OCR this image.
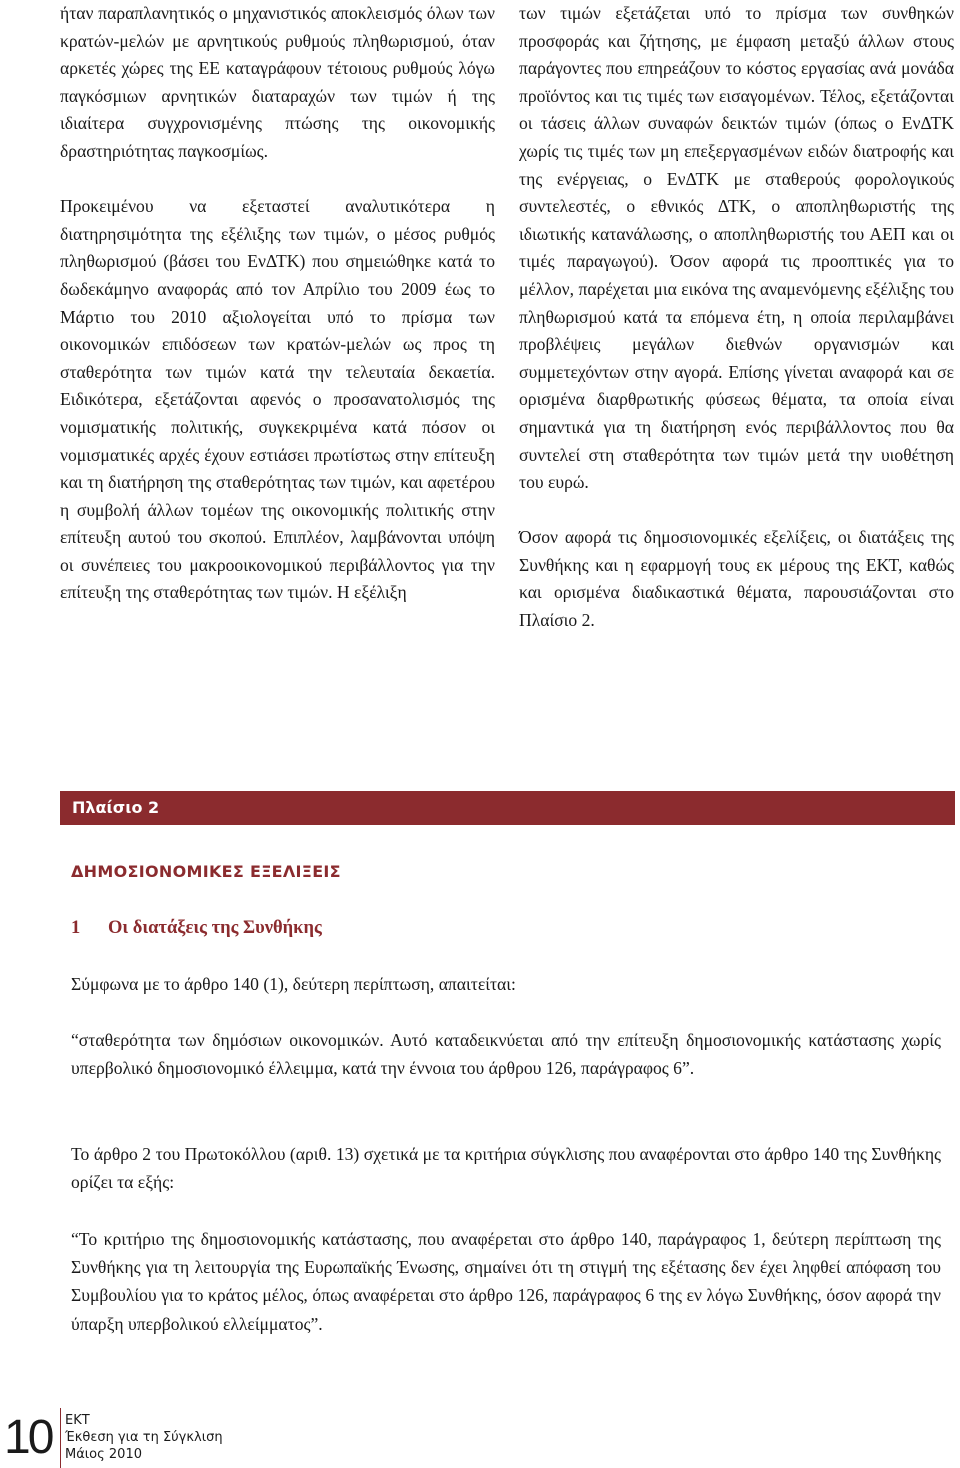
ήταν παραπλανητικός ο μηχανιστικός αποκλεισμός όλων των κρατών-μελών με αρνητικούς ρυθμούς πληθωρισμού, όταν αρκετές χώρες της ΕΕ καταγράφουν τέτοιους ρυθμούς λόγω παγκόσμιων αρνητικών διαταραχών των τιμών ή της ιδιαίτερα συγχρονισμένης πτώσης της οικονομικής δραστηριότητας παγκοσμίως.

Προκειμένου να εξεταστεί αναλυτικότερα η διατηρησιμότητα της εξέλιξης των τιμών, ο μέσος ρυθμός πληθωρισμού (βάσει του ΕνΔΤΚ) που σημειώθηκε κατά το δωδεκάμηνο αναφοράς από τον Απρίλιο του 2009 έως το Μάρτιο του 2010 αξιολογείται υπό το πρίσμα των οικονομικών επιδόσεων των κρατών-μελών ως προς τη σταθερότητα των τιμών κατά την τελευταία δεκαετία. Ειδικότερα, εξετάζονται αφενός ο προσανατολισμός της νομισματικής πολιτικής, συγκεκριμένα κατά πόσον οι νομισματικές αρχές έχουν εστιάσει πρωτίστως στην επίτευξη και τη διατήρηση της σταθερότητας των τιμών, και αφετέρου η συμβολή άλλων τομέων της οικονομικής πολιτικής στην επίτευξη αυτού του σκοπού. Επιπλέον, λαμβάνονται υπόψη οι συνέπειες του μακροοικονομικού περιβάλλοντος για την επίτευξη της σταθερότητας των τιμών. Η εξέλιξη

των τιμών εξετάζεται υπό το πρίσμα των συνθηκών προσφοράς και ζήτησης, με έμφαση μεταξύ άλλων στους παράγοντες που επηρεάζουν το κόστος εργασίας ανά μονάδα προϊόντος και τις τιμές των εισαγομένων. Τέλος, εξετάζονται οι τάσεις άλλων συναφών δεικτών τιμών (όπως ο ΕνΔΤΚ χωρίς τις τιμές των μη επεξεργασμένων ειδών διατροφής και της ενέργειας, ο ΕνΔΤΚ με σταθερούς φορολογικούς συντελεστές, ο εθνικός ΔΤΚ, ο αποπληθωριστής της ιδιωτικής κατανάλωσης, ο αποπληθωριστής του ΑΕΠ και οι τιμές παραγωγού). Όσον αφορά τις προοπτικές για το μέλλον, παρέχεται μια εικόνα της αναμενόμενης εξέλιξης του πληθωρισμού κατά τα επόμενα έτη, η οποία περιλαμβάνει προβλέψεις μεγάλων διεθνών οργανισμών και συμμετεχόντων στην αγορά. Επίσης γίνεται αναφορά και σε ορισμένα διαρθρωτικής φύσεως θέματα, τα οποία είναι σημαντικά για τη διατήρηση ενός περιβάλλοντος που θα συντελεί στη σταθερότητα των τιμών μετά την υιοθέτηση του ευρώ.

Όσον αφορά τις δημοσιονομικές εξελίξεις, οι διατάξεις της Συνθήκης και η εφαρμογή τους εκ μέρους της ΕΚΤ, καθώς και ορισμένα διαδικαστικά θέματα, παρουσιάζονται στο Πλαίσιο 2.

Πλαίσιο 2
ΔΗΜΟΣΙΟΝΟΜΙΚΕΣ ΕΞΕΛΙΞΕΙΣ
1 Οι διατάξεις της Συνθήκης

Σύμφωνα με το άρθρο 140 (1), δεύτερη περίπτωση, απαιτείται:

“σταθερότητα των δημόσιων οικονομικών. Αυτό καταδεικνύεται από την επίτευξη δημοσιονομικής κατάστασης χωρίς υπερβολικό δημοσιονομικό έλλειμμα, κατά την έννοια του άρθρου 126, παράγραφος 6”.

Το άρθρο 2 του Πρωτοκόλλου (αριθ. 13) σχετικά με τα κριτήρια σύγκλισης που αναφέρονται στο άρθρο 140 της Συνθήκης ορίζει τα εξής:

“Το κριτήριο της δημοσιονομικής κατάστασης, που αναφέρεται στο άρθρο 140, παράγραφος 1, δεύτερη περίπτωση της Συνθήκης για τη λειτουργία της Ευρωπαϊκής Ένωσης, σημαίνει ότι τη στιγμή της εξέτασης δεν έχει ληφθεί απόφαση του Συμβουλίου για το κράτος μέλος, όπως αναφέρεται στο άρθρο 126, παράγραφος 6 της εν λόγω Συνθήκης, όσον αφορά την ύπαρξη υπερβολικού ελλείμματος”.

10 ΕΚΤ
Έκθεση για τη Σύγκλιση
Μάιος 2010
